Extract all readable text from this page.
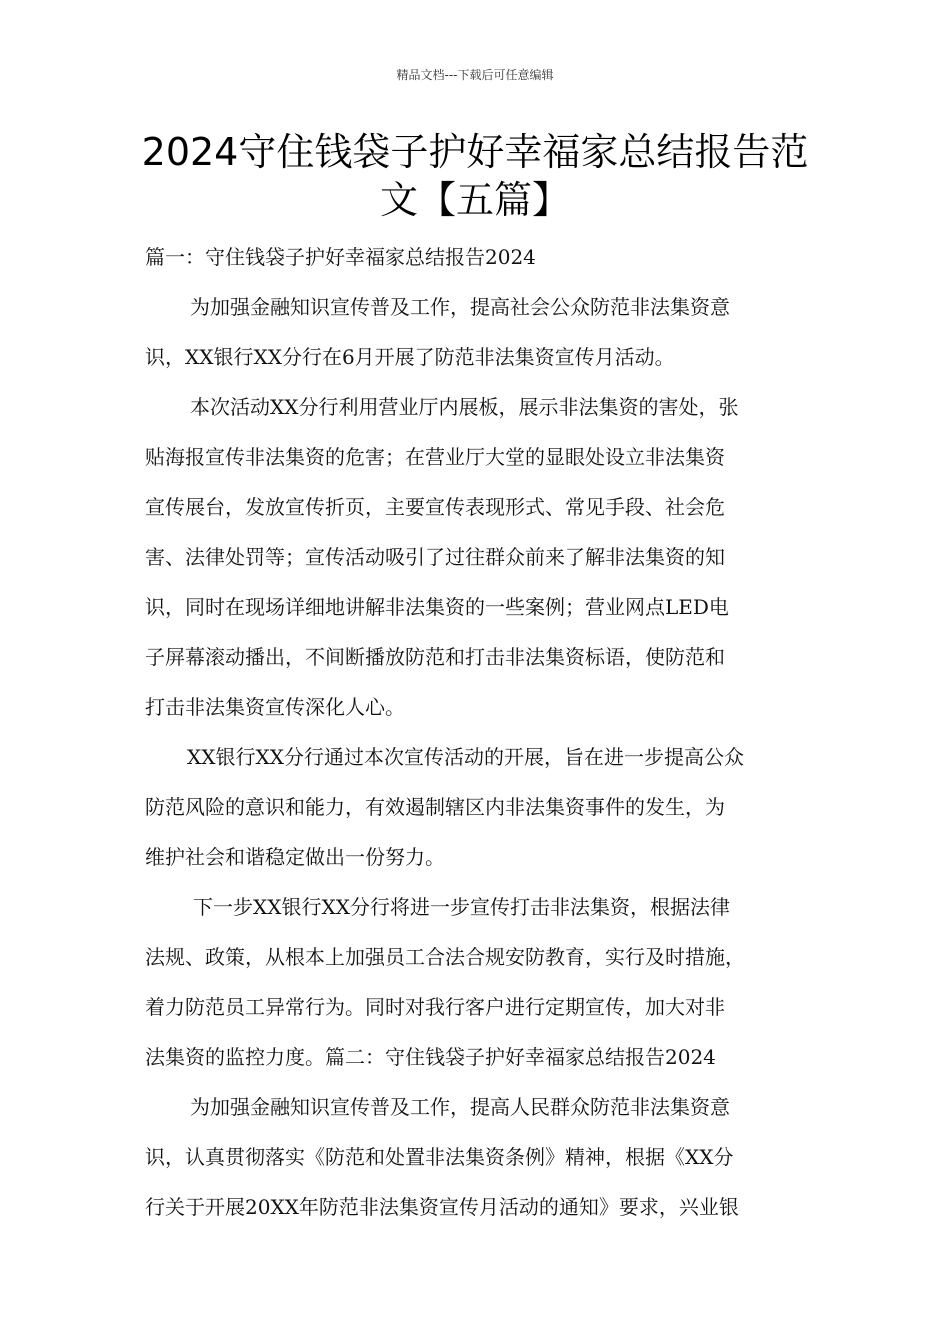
精品文档---下载后可任意编辑
2024守住钱袋子护好幸福家总结报告范
文【五篇】
篇一：守住钱袋子护好幸福家总结报告2024
为加强金融知识宣传普及工作，提高社会公众防范非法集资意
识，XX银行XX分行在6月开展了防范非法集资宣传月活动。
本次活动XX分行利用营业厅内展板，展示非法集资的害处，张
贴海报宣传非法集资的危害；在营业厅大堂的显眼处设立非法集资
宣传展台，发放宣传折页，主要宣传表现形式、常见手段、社会危
害、法律处罚等；宣传活动吸引了过往群众前来了解非法集资的知
识，同时在现场详细地讲解非法集资的一些案例；营业网点LED电
子屏幕滚动播出，不间断播放防范和打击非法集资标语，使防范和
打击非法集资宣传深化人心。
XX银行XX分行通过本次宣传活动的开展，旨在进一步提高公众
防范风险的意识和能力，有效遏制辖区内非法集资事件的发生，为
维护社会和谐稳定做出一份努力。
下一步XX银行XX分行将进一步宣传打击非法集资，根据法律
法规、政策，从根本上加强员工合法合规安防教育，实行及时措施，
着力防范员工异常行为。同时对我行客户进行定期宣传，加大对非
法集资的监控力度。篇二：守住钱袋子护好幸福家总结报告2024
为加强金融知识宣传普及工作，提高人民群众防范非法集资意
识，认真贯彻落实《防范和处置非法集资条例》精神，根据《XX分
行关于开展20XX年防范非法集资宣传月活动的通知》要求，兴业银
